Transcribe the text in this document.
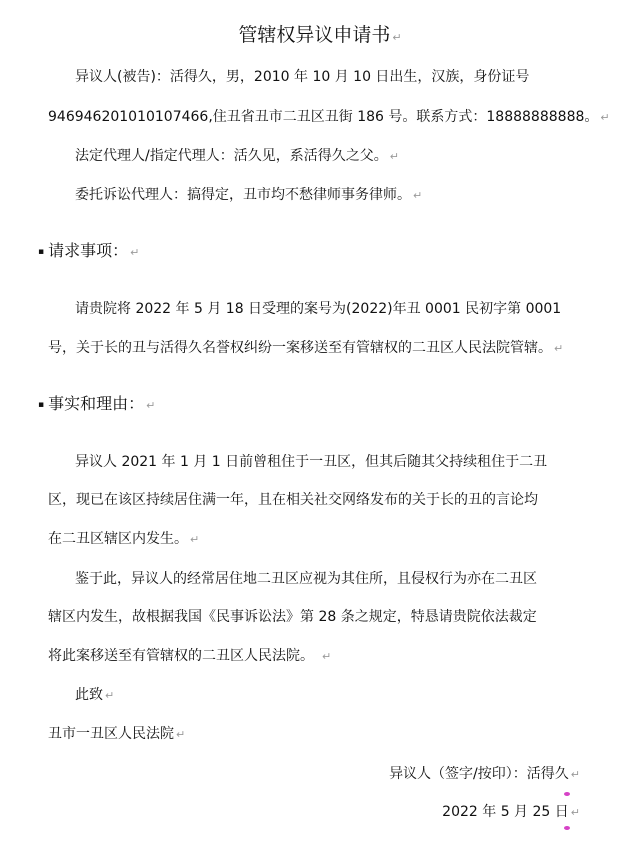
管辖权异议申请书 ↵
异议人(被告)：活得久，男，2010 年 10 月 10 日出生，汉族，身份证号
946946201010107466,住丑省丑市二丑区丑街 186 号。联系方式：18888888888。 ↵
法定代理人/指定代理人：活久见，系活得久之父。 ↵
委托诉讼代理人：搞得定，丑市均不愁律师事务律师。 ↵
▪ 请求事项： ↵
请贵院将 2022 年 5 月 18 日受理的案号为(2022)年丑 0001 民初字第 0001
号，关于长的丑与活得久名誉权纠纷一案移送至有管辖权的二丑区人民法院管辖。 ↵
▪ 事实和理由： ↵
异议人 2021 年 1 月 1 日前曾租住于一丑区，但其后随其父持续租住于二丑
区，现已在该区持续居住满一年，且在相关社交网络发布的关于长的丑的言论均
在二丑区辖区内发生。 ↵
鉴于此，异议人的经常居住地二丑区应视为其住所，且侵权行为亦在二丑区
辖区内发生，故根据我国《民事诉讼法》第 28 条之规定，特恳请贵院依法裁定
将此案移送至有管辖权的二丑区人民法院。 ↵
此致 ↵
丑市一丑区人民法院 ↵
异议人（签字/按印）：活得久 ↵
2022 年 5 月 25 日 ↵
